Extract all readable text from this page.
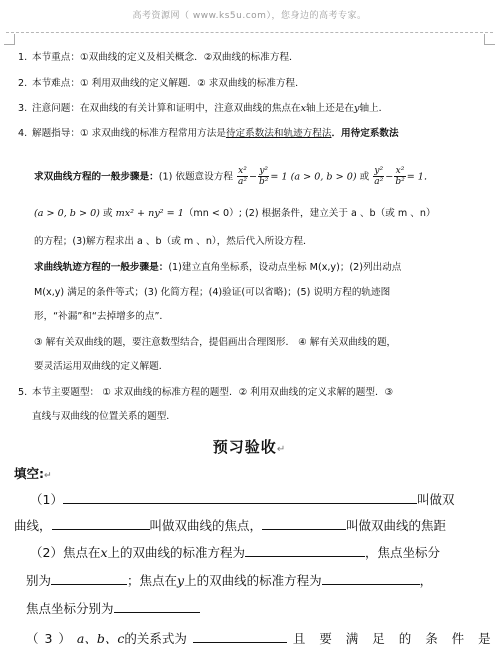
高考资源网（ www.ks5u.com），您身边的高考专家。
1. 本节重点：①双曲线的定义及相关概念．②双曲线的标准方程．
2. 本节难点：① 利用双曲线的定义解题．② 求双曲线的标准方程．
3. 注意问题：在双曲线的有关计算和证明中，注意双曲线的焦点在x轴上还是在y轴上．
4. 解题指导：① 求双曲线的标准方程常用方法是待定系数法和轨迹方程法．用待定系数法
求双曲线方程的一般步骤是：(1) 依题意设方程 $\frac{\text{x²}}{\text{a²}} - \frac{\text{y²}}{\text{b²}} = 1$ (a > 0, b > 0) 或 $\frac{\text{y²}}{\text{a²}} - \frac{\text{x²}}{\text{b²}} = 1$．
(a > 0, b > 0) 或 mx² + ny² = 1（mn < 0）; (2) 根据条件，建立关于 a 、b（或 m 、n）
的方程；(3)解方程求出 a 、b（或 m 、n），然后代入所设方程．
求曲线轨迹方程的一般步骤是：(1)建立直角坐标系，设动点坐标 M(x,y)；(2)列出动点
M(x,y) 满足的条件等式；(3) 化简方程；(4)验证(可以省略)；(5) 说明方程的轨迹图
形，“补漏”和“去掉增多的点”．
③ 解有关双曲线的题，要注意数型结合，提倡画出合理图形． ④ 解有关双曲线的题，
要灵活运用双曲线的定义解题．
5. 本节主要题型： ① 求双曲线的标准方程的题型．② 利用双曲线的定义求解的题型．③
直线与双曲线的位置关系的题型．
预习验收↵
填空:↵
（1）	叫做双
曲线，	叫做双曲线的焦点，	叫做双曲线的焦距
（2）焦点在x上的双曲线的标准方程为	，焦点坐标分
别为	；焦点在y上的双曲线的标准方程为	，
焦点坐标分别为
（ 3 ） a、b、c的关系式为	且 要 满 足 的 条 件 是
